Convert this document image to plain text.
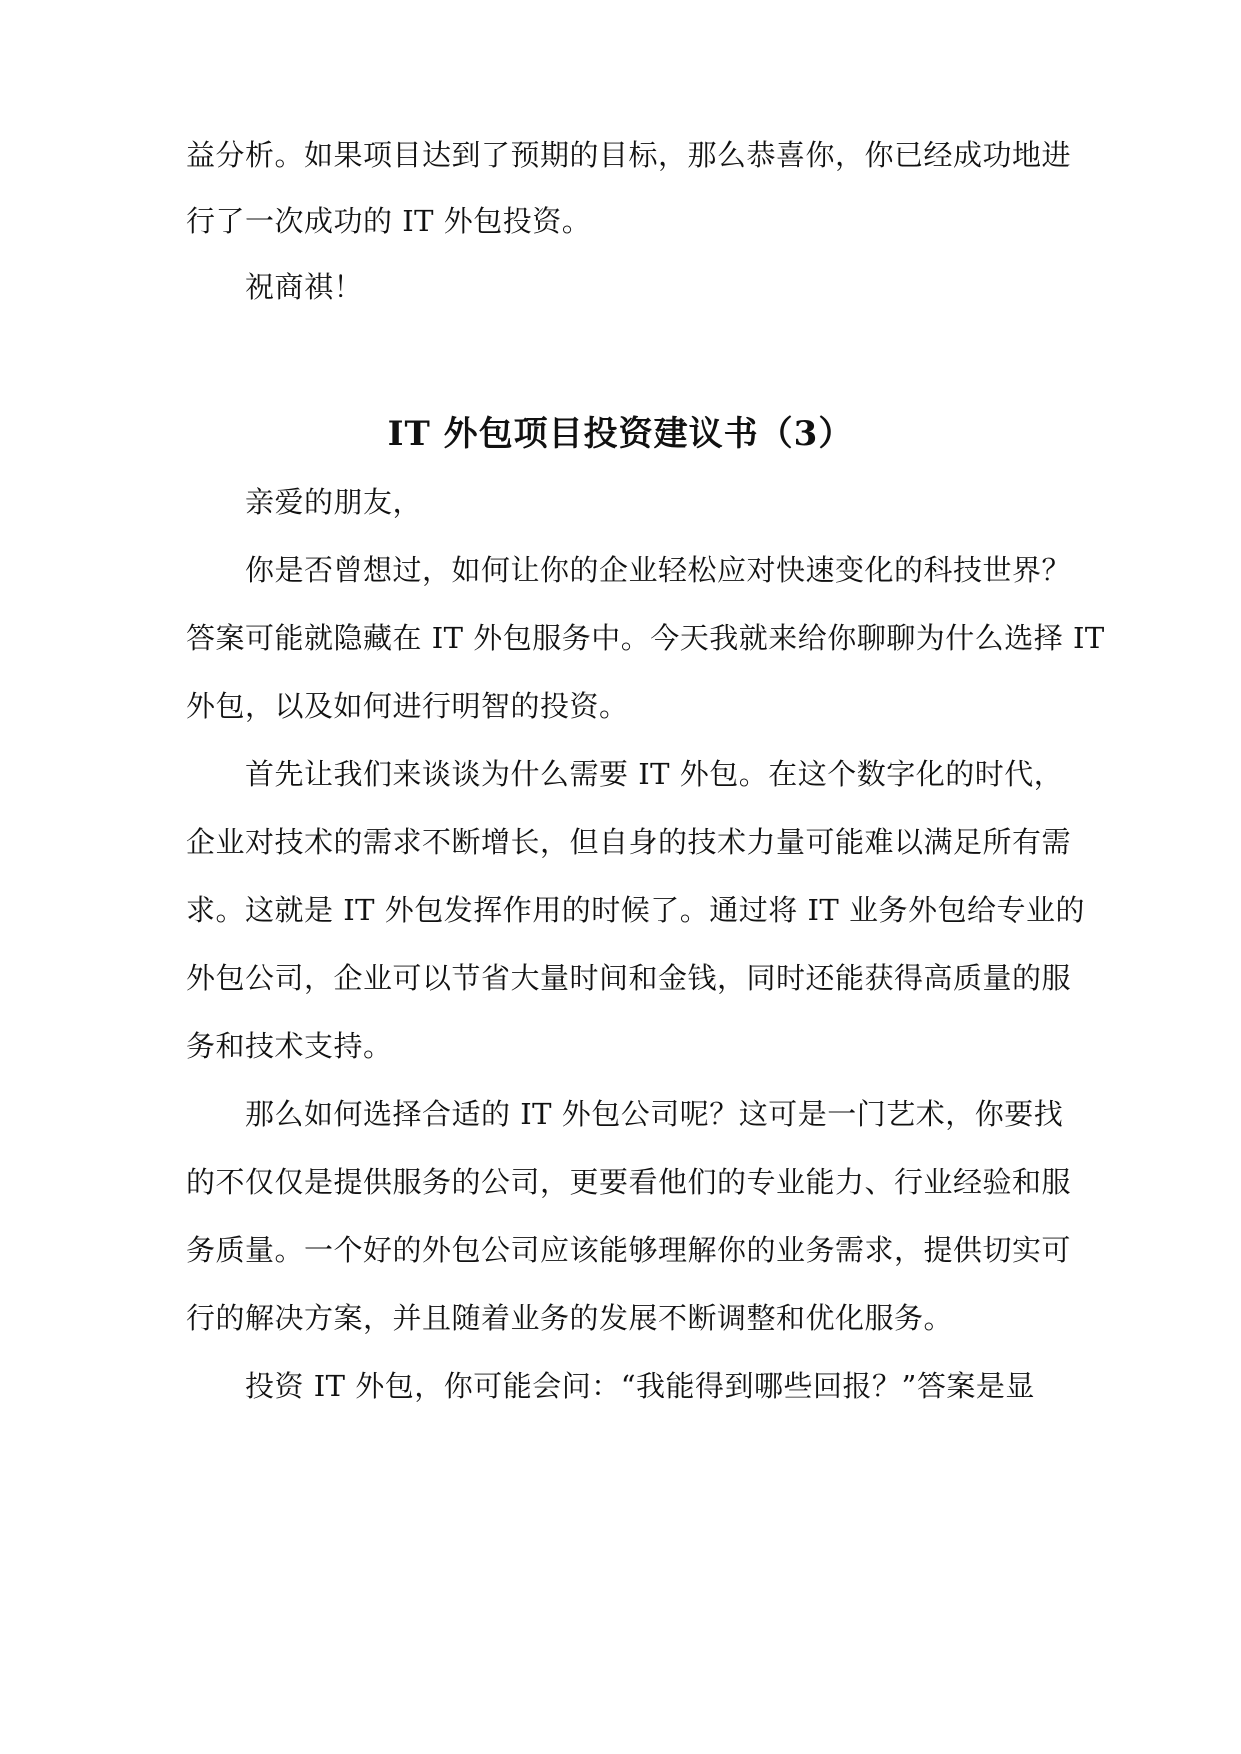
益分析。如果项目达到了预期的目标，那么恭喜你，你已经成功地进
行了一次成功的 IT 外包投资。
祝商祺！
IT 外包项目投资建议书（3）
亲爱的朋友，
你是否曾想过，如何让你的企业轻松应对快速变化的科技世界？
答案可能就隐藏在 IT 外包服务中。今天我就来给你聊聊为什么选择 IT
外包，以及如何进行明智的投资。
首先让我们来谈谈为什么需要 IT 外包。在这个数字化的时代，
企业对技术的需求不断增长，但自身的技术力量可能难以满足所有需
求。这就是 IT 外包发挥作用的时候了。通过将 IT 业务外包给专业的
外包公司，企业可以节省大量时间和金钱，同时还能获得高质量的服
务和技术支持。
那么如何选择合适的 IT 外包公司呢？这可是一门艺术，你要找
的不仅仅是提供服务的公司，更要看他们的专业能力、行业经验和服
务质量。一个好的外包公司应该能够理解你的业务需求，提供切实可
行的解决方案，并且随着业务的发展不断调整和优化服务。
投资 IT 外包，你可能会问：“我能得到哪些回报？”答案是显
